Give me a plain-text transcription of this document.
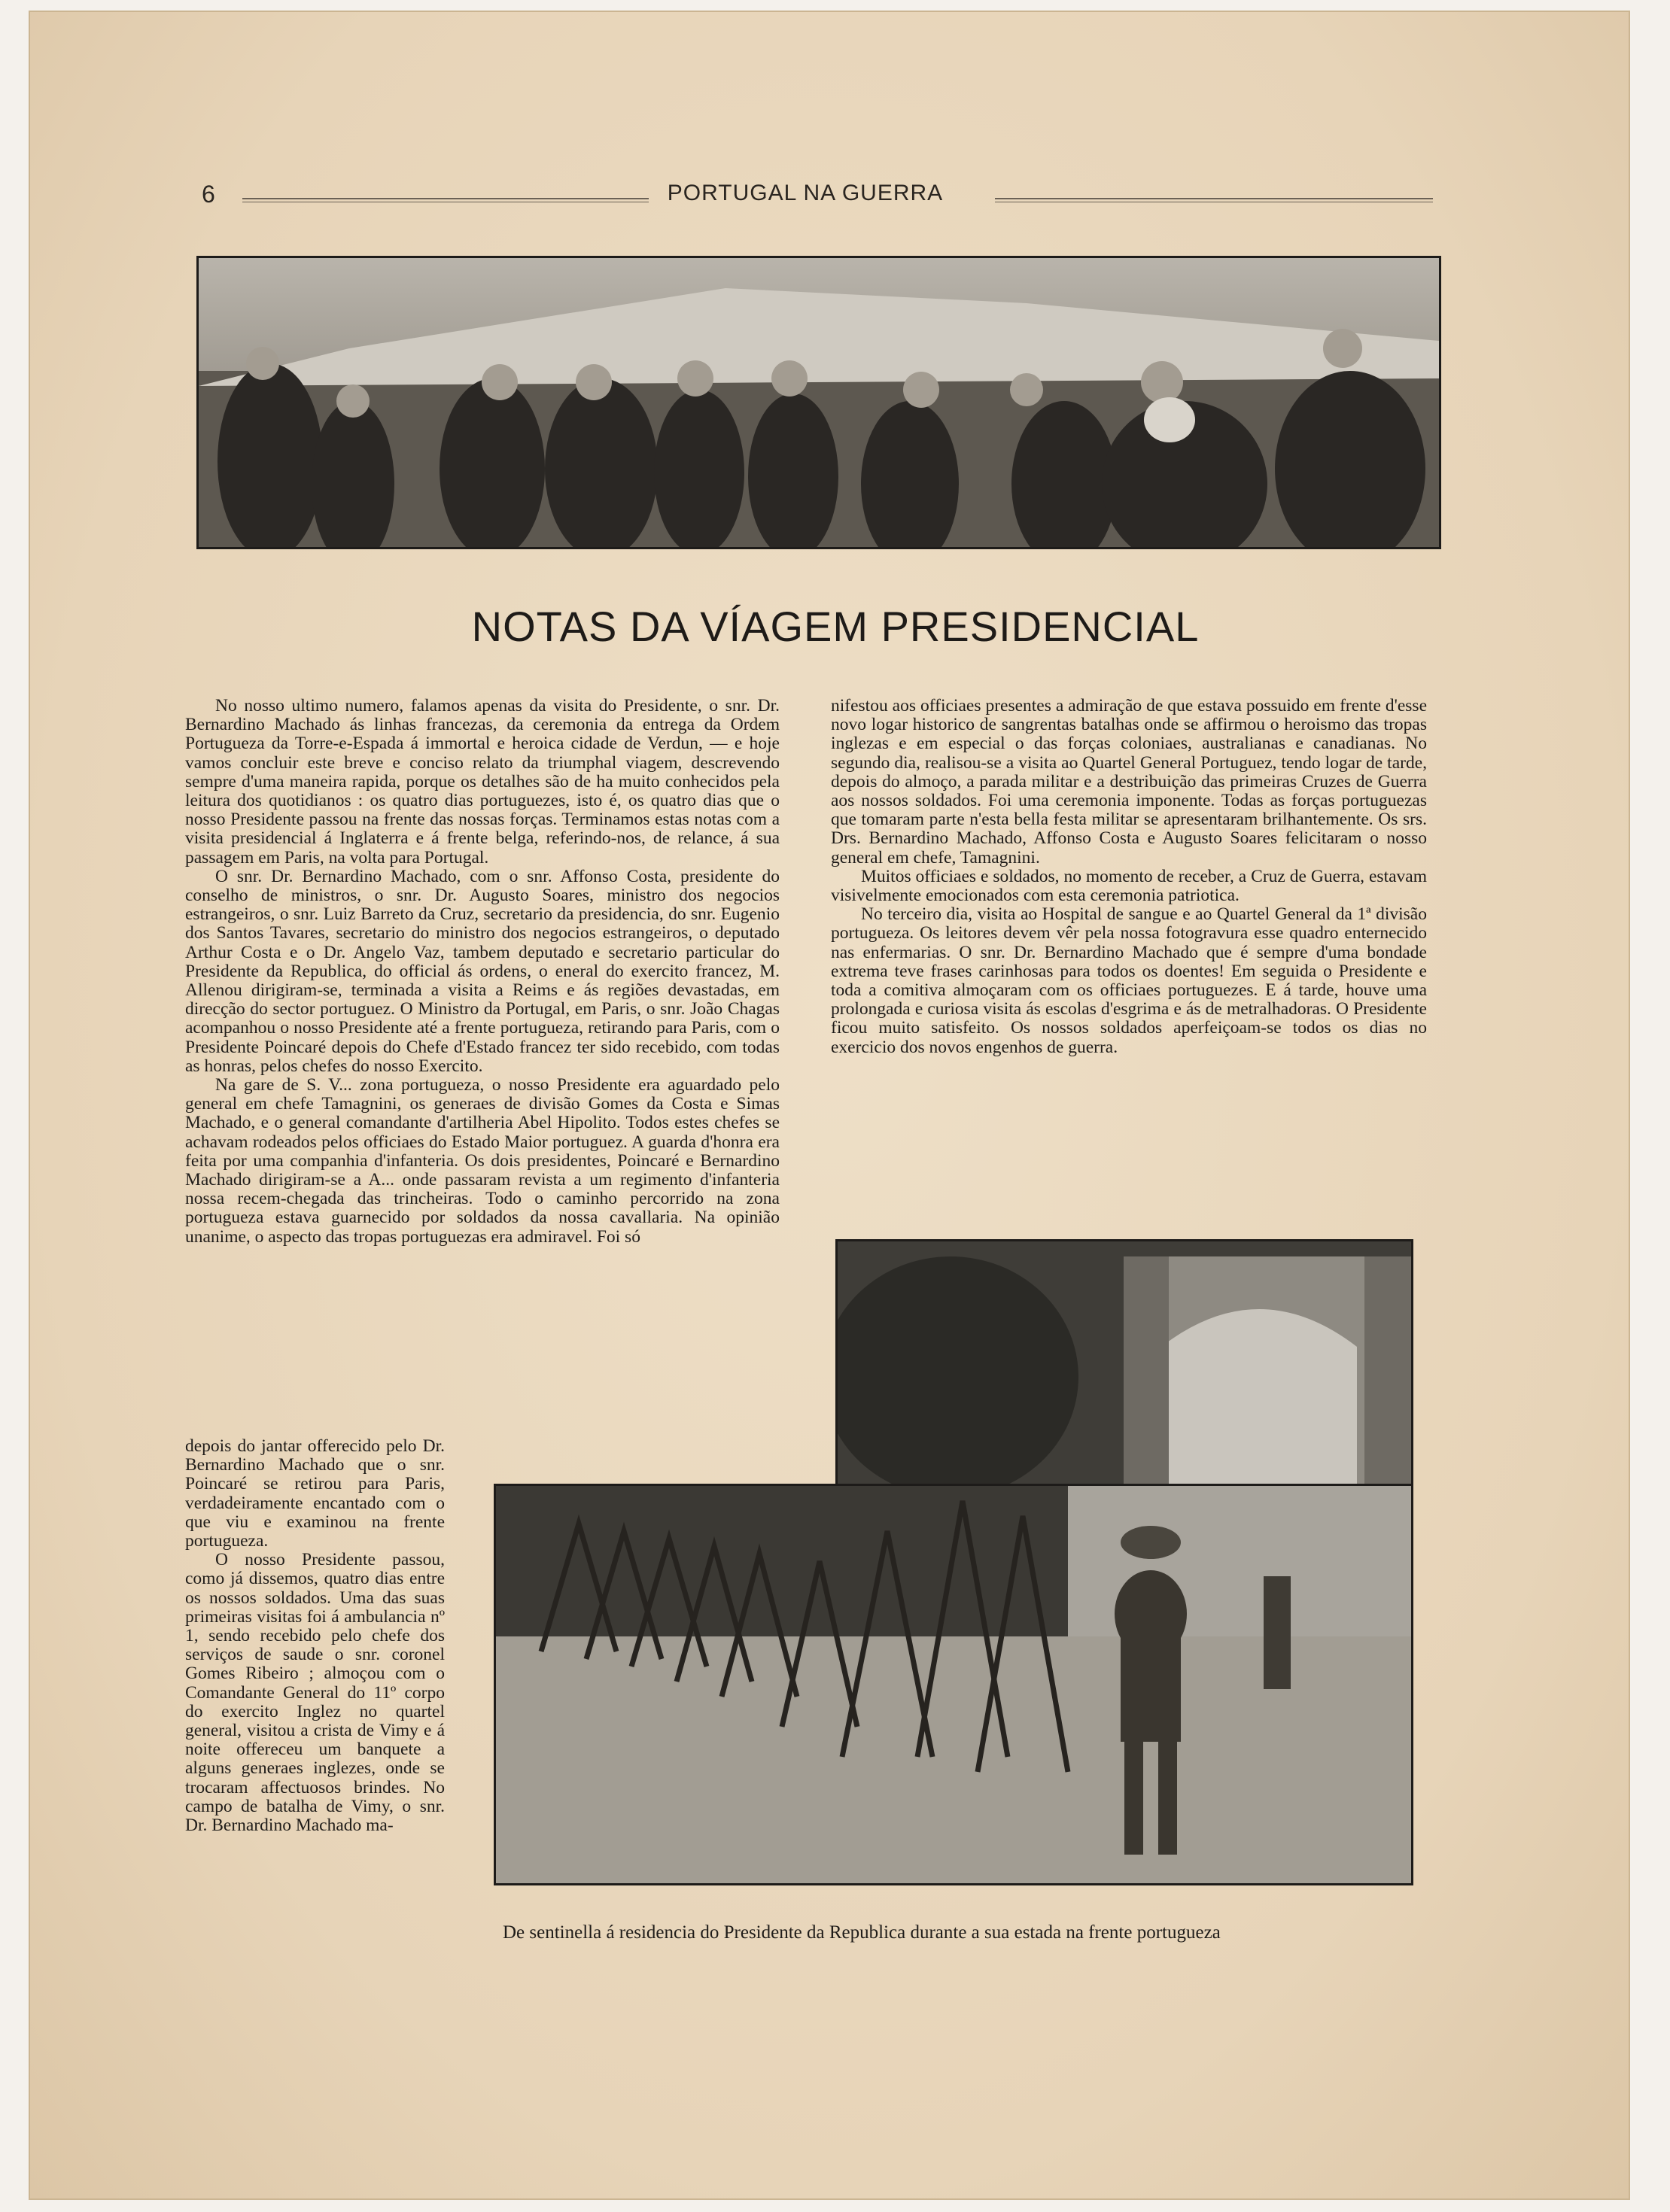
6	PORTUGAL NA GUERRA
NOTAS DA VÍAGEM PRESIDENCIAL

No nosso ultimo numero, falamos apenas da visita do Presidente, o snr. Dr. Bernardino Machado ás linhas francezas, da ceremonia da entrega da Ordem Portugueza da Torre-e-Espada á immortal e heroica cidade de Verdun, — e hoje vamos concluir este breve e conciso relato da triumphal viagem, descrevendo sempre d'uma maneira rapida, porque os detalhes são de ha muito conhecidos pela leitura dos quotidianos : os quatro dias portuguezes, isto é, os quatro dias que o nosso Presidente passou na frente das nossas forças. Terminamos estas notas com a visita presidencial á Inglaterra e á frente belga, referindo-nos, de relance, á sua passagem em Paris, na volta para Portugal.

O snr. Dr. Bernardino Machado, com o snr. Affonso Costa, presidente do conselho de ministros, o snr. Dr. Augusto Soares, ministro dos negocios estrangeiros, o snr. Luiz Barreto da Cruz, secretario da presidencia, do snr. Eugenio dos Santos Tavares, secretario do ministro dos negocios estrangeiros, o deputado Arthur Costa e o Dr. Angelo Vaz, tambem deputado e secretario particular do Presidente da Republica, do official ás ordens, o eneral do exercito francez, M. Allenou dirigiram-se, terminada a visita a Reims e ás regiões devastadas, em direcção do sector portuguez. O Ministro da Portugal, em Paris, o snr. João Chagas acompanhou o nosso Presidente até a frente portugueza, retirando para Paris, com o Presidente Poincaré depois do Chefe d'Estado francez ter sido recebido, com todas as honras, pelos chefes do nosso Exercito.

Na gare de S. V... zona portugueza, o nosso Presidente era aguardado pelo general em chefe Tamagnini, os generaes de divisão Gomes da Costa e Simas Machado, e o general comandante d'artilheria Abel Hipolito. Todos estes chefes se achavam rodeados pelos officiaes do Estado Maior portuguez. A guarda d'honra era feita por uma companhia d'infanteria. Os dois presidentes, Poincaré e Bernardino Machado dirigiram-se a A... onde passaram revista a um regimento d'infanteria nossa recem-chegada das trincheiras. Todo o caminho percorrido na zona portugueza estava guarnecido por soldados da nossa cavallaria. Na opinião unanime, o aspecto das tropas portuguezas era admiravel. Foi só

depois do jantar offerecido pelo Dr. Bernardino Machado que o snr. Poincaré se retirou para Paris, verdadeiramente encantado com o que viu e examinou na frente portugueza.

O nosso Presidente passou, como já dissemos, quatro dias entre os nossos soldados. Uma das suas primeiras visitas foi á ambulancia nº 1, sendo recebido pelo chefe dos serviços de saude o snr. coronel Gomes Ribeiro ; almoçou com o Comandante General do 11º corpo do exercito Inglez no quartel general, visitou a crista de Vimy e á noite offereceu um banquete a alguns generaes inglezes, onde se trocaram affectuosos brindes. No campo de batalha de Vimy, o snr. Dr. Bernardino Machado ma-

nifestou aos officiaes presentes a admiração de que estava possuido em frente d'esse novo logar historico de sangrentas batalhas onde se affirmou o heroismo das tropas inglezas e em especial o das forças coloniaes, australianas e canadianas. No segundo dia, realisou-se a visita ao Quartel General Portuguez, tendo logar de tarde, depois do almoço, a parada militar e a destribuição das primeiras Cruzes de Guerra aos nossos soldados. Foi uma ceremonia imponente. Todas as forças portuguezas que tomaram parte n'esta bella festa militar se apresentaram brilhantemente. Os srs. Drs. Bernardino Machado, Affonso Costa e Augusto Soares felicitaram o nosso general em chefe, Tamagnini.

Muitos officiaes e soldados, no momento de receber, a Cruz de Guerra, estavam visivelmente emocionados com esta ceremonia patriotica.

No terceiro dia, visita ao Hospital de sangue e ao Quartel General da 1ª divisão portugueza. Os leitores devem vêr pela nossa fotogravura esse quadro enternecido nas enfermarias. O snr. Dr. Bernardino Machado que é sempre d'uma bondade extrema teve frases carinhosas para todos os doentes! Em seguida o Presidente e toda a comitiva almoçaram com os officiaes portuguezes. E á tarde, houve uma prolongada e curiosa visita ás escolas d'esgrima e ás de metralhadoras. O Presidente ficou muito satisfeito. Os nossos soldados aperfeiçoam-se todos os dias no exercicio dos novos engenhos de guerra.

De sentinella á residencia do Presidente da Republica durante a sua estada na frente portugueza
